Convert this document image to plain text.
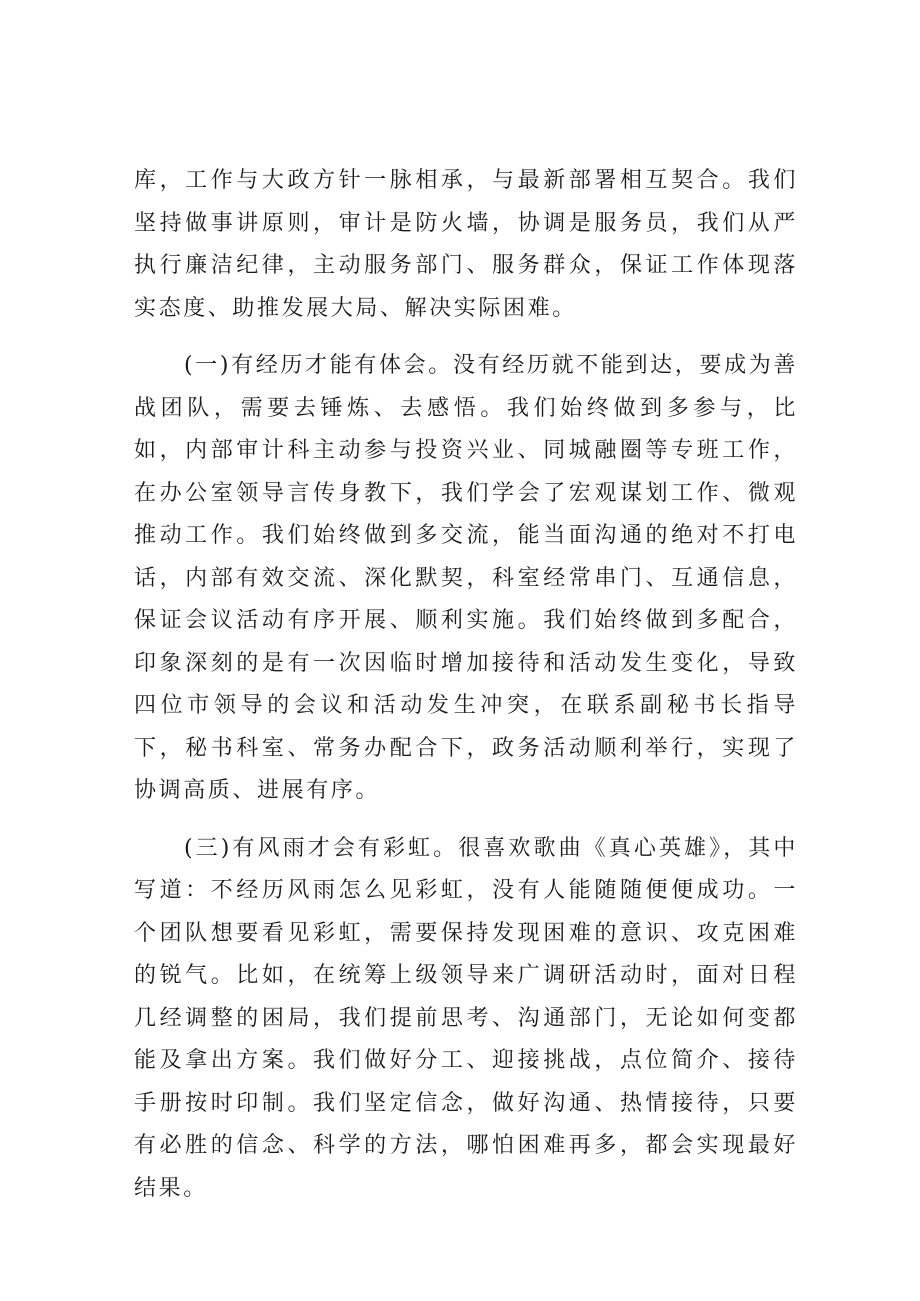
库，工作与大政方针一脉相承，与最新部署相互契合。我们坚持做事讲原则，审计是防火墙，协调是服务员，我们从严执行廉洁纪律，主动服务部门、服务群众，保证工作体现落实态度、助推发展大局、解决实际困难。

(一)有经历才能有体会。没有经历就不能到达，要成为善战团队，需要去锤炼、去感悟。我们始终做到多参与，比如，内部审计科主动参与投资兴业、同城融圈等专班工作，在办公室领导言传身教下，我们学会了宏观谋划工作、微观推动工作。我们始终做到多交流，能当面沟通的绝对不打电话，内部有效交流、深化默契，科室经常串门、互通信息，保证会议活动有序开展、顺利实施。我们始终做到多配合，印象深刻的是有一次因临时增加接待和活动发生变化，导致四位市领导的会议和活动发生冲突，在联系副秘书长指导下，秘书科室、常务办配合下，政务活动顺利举行，实现了协调高质、进展有序。

(三)有风雨才会有彩虹。很喜欢歌曲《真心英雄》，其中写道：不经历风雨怎么见彩虹，没有人能随随便便成功。一个团队想要看见彩虹，需要保持发现困难的意识、攻克困难的锐气。比如，在统筹上级领导来广调研活动时，面对日程几经调整的困局，我们提前思考、沟通部门，无论如何变都能及拿出方案。我们做好分工、迎接挑战，点位简介、接待手册按时印制。我们坚定信念，做好沟通、热情接待，只要有必胜的信念、科学的方法，哪怕困难再多，都会实现最好结果。
